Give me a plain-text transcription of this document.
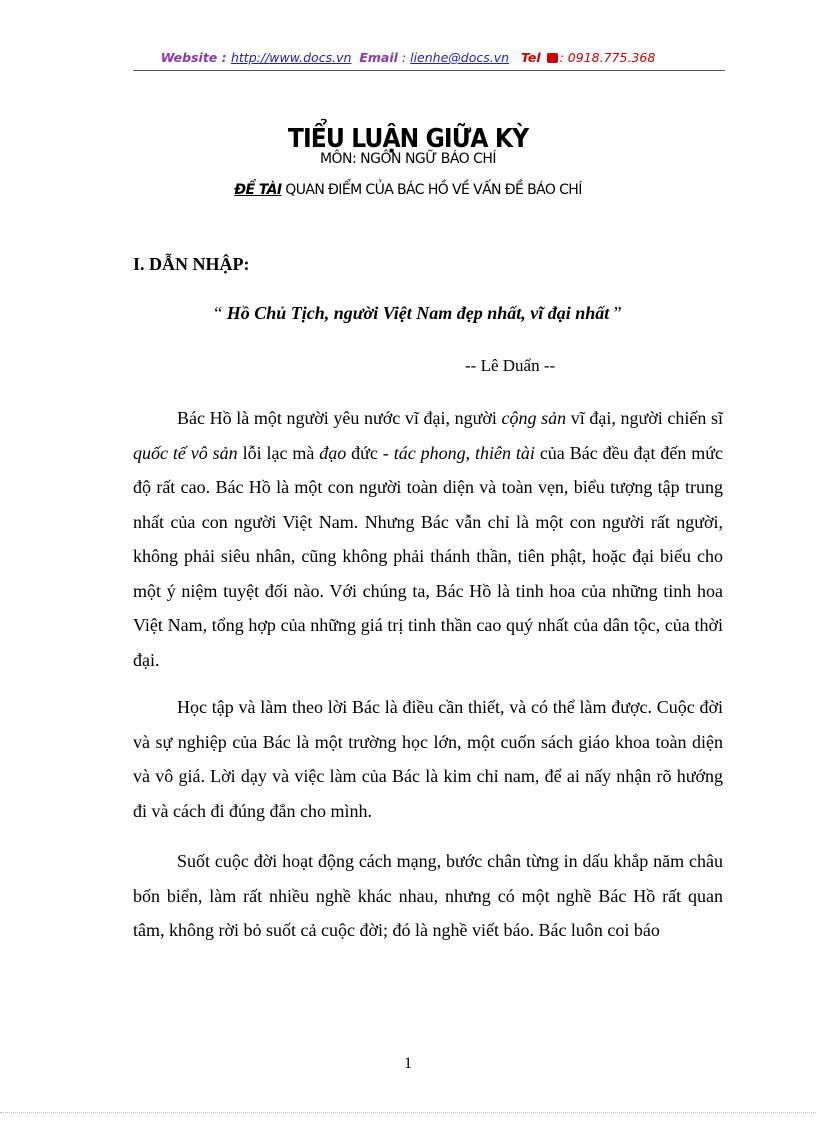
Website : http://www.docs.vn Email : lienhe@docs.vn Tel : 0918.775.368
TIỂU LUẬN GIỮA KỲ
MÔN: NGÔN NGỮ BÁO CHÍ
ĐỀ TÀI QUAN ĐIỂM CỦA BÁC HỒ VỀ VẤN ĐỀ BÁO CHÍ
I. DẪN NHẬP:
“ Hồ Chủ Tịch, người Việt Nam đẹp nhất, vĩ đại nhất ”
-- Lê Duẩn --

Bác Hồ là một người yêu nước vĩ đại, người cộng sản vĩ đại, người chiến sĩ quốc tế vô sản lỗi lạc mà đạo đức - tác phong, thiên tài của Bác đều đạt đến mức độ rất cao. Bác Hồ là một con người toàn diện và toàn vẹn, biểu tượng tập trung nhất của con người Việt Nam. Nhưng Bác vẫn chỉ là một con người rất người, không phải siêu nhân, cũng không phải thánh thần, tiên phật, hoặc đại biểu cho một ý niệm tuyệt đối nào. Với chúng ta, Bác Hồ là tinh hoa của những tinh hoa Việt Nam, tổng hợp của những giá trị tinh thần cao quý nhất của dân tộc, của thời đại.

Học tập và làm theo lời Bác là điều cần thiết, và có thể làm được. Cuộc đời và sự nghiệp của Bác là một trường học lớn, một cuốn sách giáo khoa toàn diện và vô giá. Lời dạy và việc làm của Bác là kim chỉ nam, để ai nấy nhận rõ hướng đi và cách đi đúng đắn cho mình.

Suốt cuộc đời hoạt động cách mạng, bước chân từng in dấu khắp năm châu bốn biển, làm rất nhiều nghề khác nhau, nhưng có một nghề Bác Hồ rất quan tâm, không rời bỏ suốt cả cuộc đời; đó là nghề viết báo. Bác luôn coi báo

1
